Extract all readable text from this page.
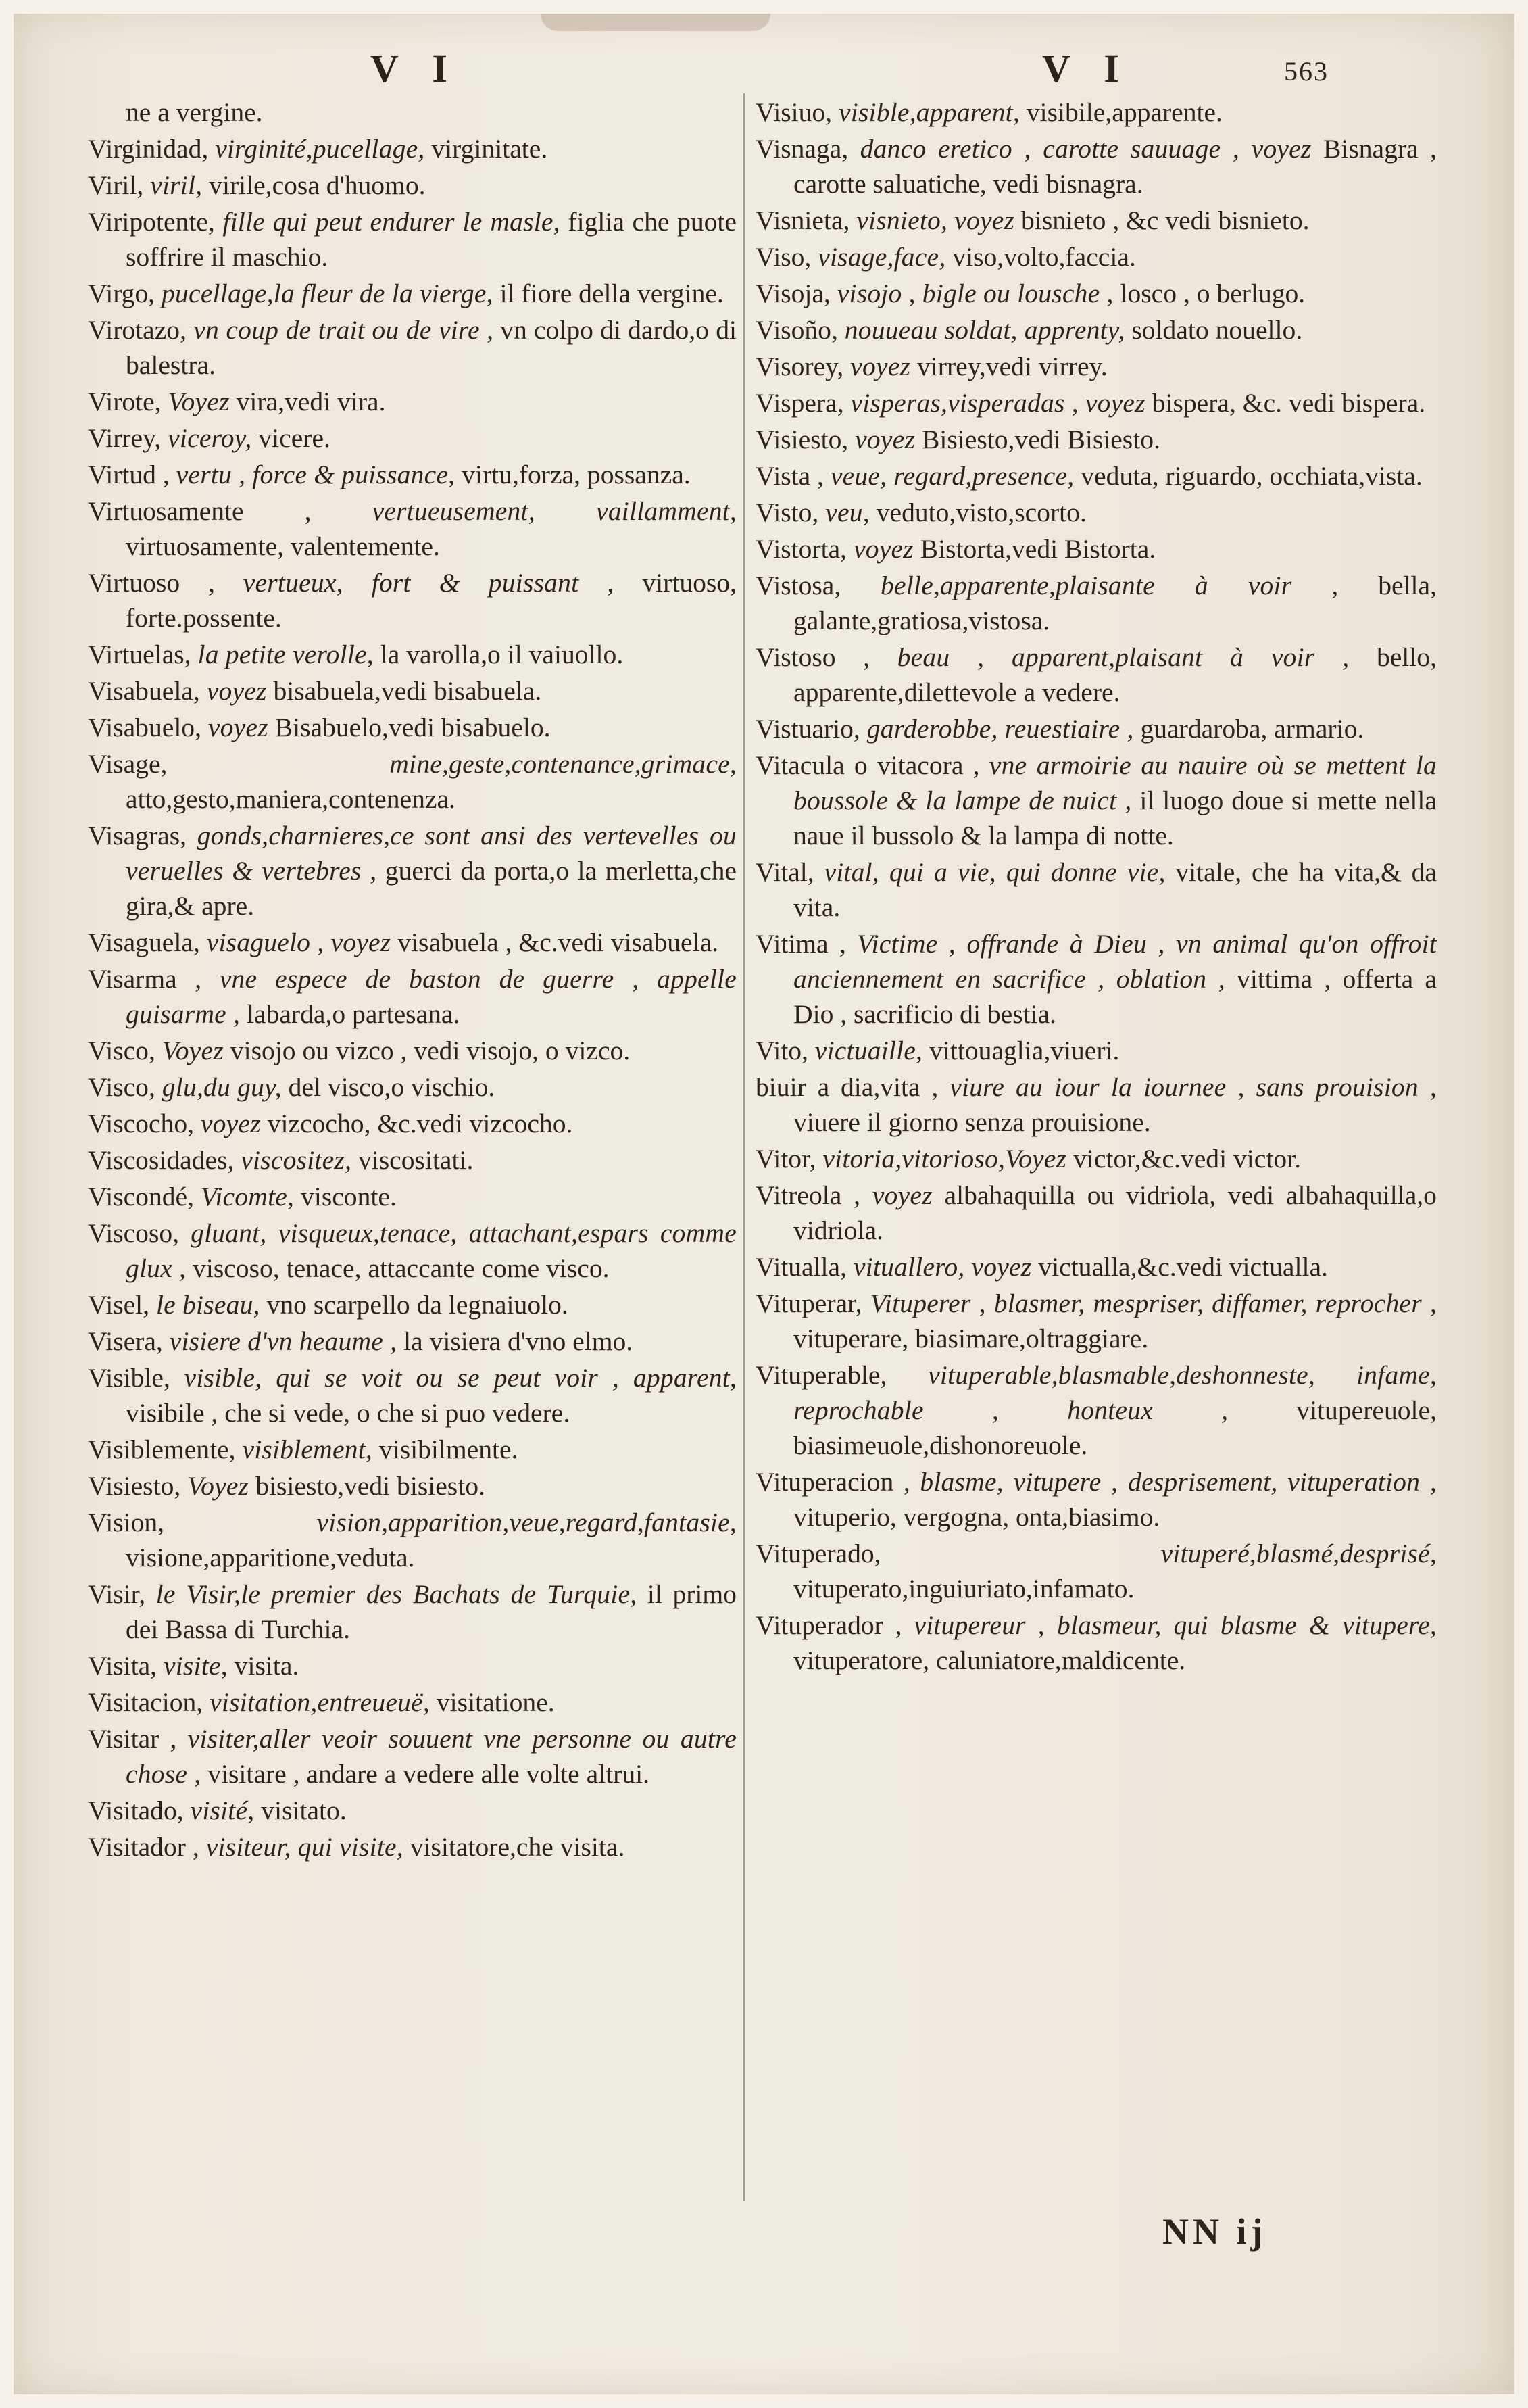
V I	V I	563
ne a vergine.
Virginidad, virginité,pucellage, virginitate.
Viril, viril, virile,cosa d'huomo.
Viripotente, fille qui peut endurer le masle, figlia che puote soffrire il maschio.
Virgo, pucellage,la fleur de la vierge, il fiore della vergine.
Virotazo, vn coup de trait ou de vire , vn colpo di dardo,o di balestra.
Virote, Voyez vira,vedi vira.
Virrey, viceroy, vicere.
Virtud , vertu , force & puissance, virtu,forza, possanza.
Virtuosamente , vertueusement, vaillamment, virtuosamente, valentemente.
Virtuoso , vertueux, fort & puissant , virtuoso, forte.possente.
Virtuelas, la petite verolle, la varolla,o il vaiuollo.
Visabuela, voyez bisabuela,vedi bisabuela.
Visabuelo, voyez Bisabuelo,vedi bisabuelo.
Visage,	mine,geste,contenance,grimace, atto,gesto,maniera,contenenza.
Visagras, gonds,charnieres,ce sont ansi des vertevelles ou veruelles & vertebres , guerci da porta,o la merletta,che gira,& apre.
Visaguela, visaguelo , voyez visabuela , &c.vedi visabuela.
Visarma , vne espece de baston de guerre , appelle guisarme , labarda,o partesana.
Visco, Voyez visojo ou vizco , vedi visojo, o vizco.
Visco, glu,du guy, del visco,o vischio.
Viscocho, voyez vizcocho, &c.vedi vizcocho.
Viscosidades, viscositez, viscositati.
Viscondé, Vicomte, visconte.
Viscoso, gluant, visqueux,tenace, attachant,espars comme glux , viscoso, tenace, attaccante come visco.
Visel, le biseau, vno scarpello da legnaiuolo.
Visera, visiere d'vn heaume , la visiera d'vno elmo.
Visible, visible, qui se voit ou se peut voir , apparent, visibile , che si vede, o che si puo vedere.
Visiblemente, visiblement, visibilmente.
Visiesto, Voyez bisiesto,vedi bisiesto.
Vision,	vision,apparition,veue,regard,fantasie, visione,apparitione,veduta.
Visir, le Visir,le premier des Bachats de Turquie, il primo dei Bassa di Turchia.
Visita, visite, visita.
Visitacion, visitation,entreueuë, visitatione.
Visitar , visiter,aller veoir souuent vne personne ou autre chose , visitare , andare a vedere alle volte altrui.
Visitado, visité, visitato.
Visitador , visiteur, qui visite, visitatore,che visita.
Visiuo, visible,apparent, visibile,apparente.
Visnaga, danco eretico , carotte sauuage , voyez Bisnagra , carotte saluatiche, vedi bisnagra.
Visnieta, visnieto, voyez bisnieto , &c vedi bisnieto.
Viso, visage,face, viso,volto,faccia.
Visoja, visojo , bigle ou lousche , losco , o berlugo.
Visoño, nouueau soldat, apprenty, soldato nouello.
Visorey, voyez virrey,vedi virrey.
Vispera, visperas,visperadas , voyez bispera, &c. vedi bispera.
Visiesto, voyez Bisiesto,vedi Bisiesto.
Vista , veue, regard,presence, veduta, riguardo, occhiata,vista.
Visto, veu, veduto,visto,scorto.
Vistorta, voyez Bistorta,vedi Bistorta.
Vistosa, belle,apparente,plaisante à voir , bella, galante,gratiosa,vistosa.
Vistoso , beau , apparent,plaisant à voir , bello, apparente,dilettevole a vedere.
Vistuario, garderobbe, reuestiaire , guardaroba, armario.
Vitacula o vitacora , vne armoirie au nauire où se mettent la boussole & la lampe de nuict , il luogo doue si mette nella naue il bussolo & la lampa di notte.
Vital, vital, qui a vie, qui donne vie, vitale, che ha vita,& da vita.
Vitima , Victime , offrande à Dieu , vn animal qu'on offroit anciennement en sacrifice , oblation , vittima , offerta a Dio , sacrificio di bestia.
Vito, victuaille, vittouaglia,viueri.
biuir a dia,vita , viure au iour la iournee , sans prouision , viuere il giorno senza prouisione.
Vitor, vitoria,vitorioso,Voyez victor,&c.vedi victor.
Vitreola , voyez albahaquilla ou vidriola, vedi albahaquilla,o vidriola.
Vitualla, vituallero, voyez victualla,&c.vedi victualla.
Vituperar, Vituperer , blasmer, mespriser, diffamer, reprocher , vituperare, biasimare,oltraggiare.
Vituperable, vituperable,blasmable,deshonneste, infame, reprochable , honteux ,	vitupereuole, biasimeuole,dishonoreuole.
Vituperacion , blasme, vitupere , desprisement, vituperation , vituperio, vergogna, onta,biasimo.
Vituperado,	vituperé,blasmé,desprisé, vituperato,inguiuriato,infamato.
Vituperador , vitupereur , blasmeur, qui blasme & vitupere, vituperatore, caluniatore,maldicente.
NN ij
